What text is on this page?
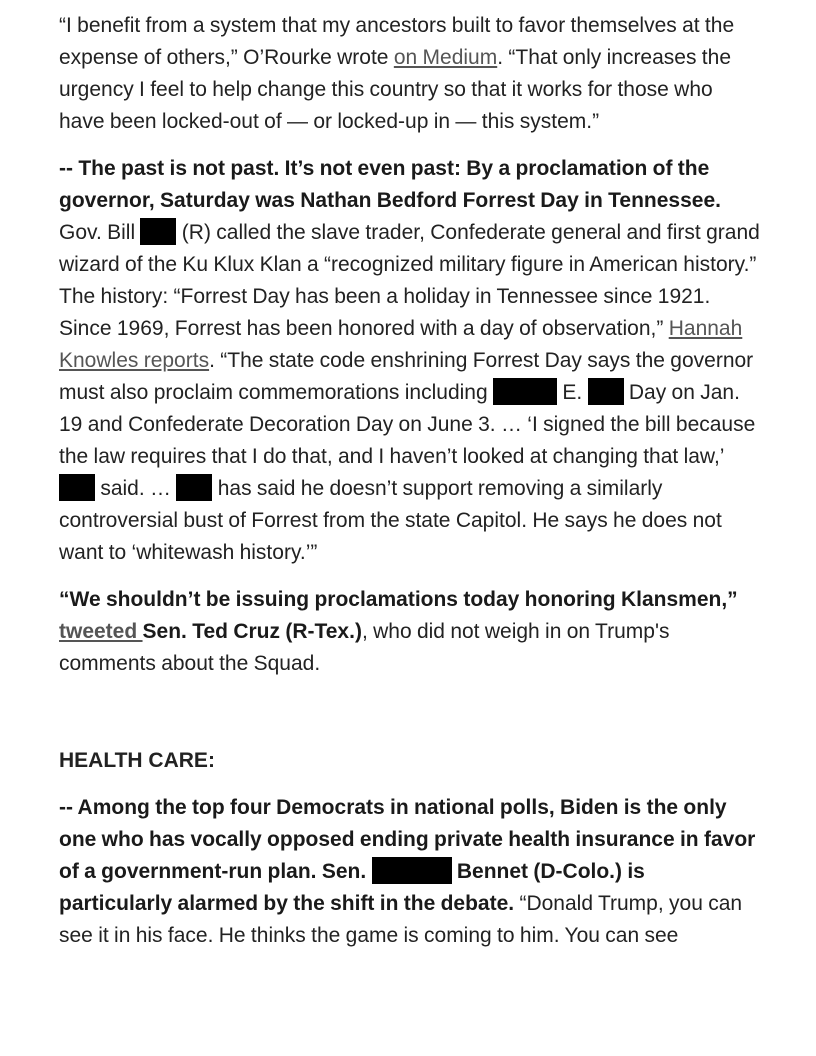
“I benefit from a system that my ancestors built to favor themselves at the expense of others,” O’Rourke wrote on Medium. “That only increases the urgency I feel to help change this country so that it works for those who have been locked-out of — or locked-up in — this system.”

-- The past is not past. It’s not even past: By a proclamation of the governor, Saturday was Nathan Bedford Forrest Day in Tennessee. Gov. Bill  (R) called the slave trader, Confederate general and first grand wizard of the Ku Klux Klan a “recognized military figure in American history.” The history: “Forrest Day has been a holiday in Tennessee since 1921. Since 1969, Forrest has been honored with a day of observation,” Hannah Knowles reports. “The state code enshrining Forrest Day says the governor must also proclaim commemorations including	E.  Day on Jan. 19 and Confederate Decoration Day on June 3. … ‘I signed the bill because the law requires that I do that, and I haven’t looked at changing that law,’  said. …  has said he doesn’t support removing a similarly controversial bust of Forrest from the state Capitol. He says he does not want to ‘whitewash history.’”

“We shouldn’t be issuing proclamations today honoring Klansmen,” tweeted Sen. Ted Cruz (R-Tex.), who did not weigh in on Trump's comments about the Squad.

HEALTH CARE:

-- Among the top four Democrats in national polls, Biden is the only one who has vocally opposed ending private health insurance in favor of a government-run plan. Sen.	Bennet (D-Colo.) is particularly alarmed by the shift in the debate. “Donald Trump, you can see it in his face. He thinks the game is coming to him. You can see
